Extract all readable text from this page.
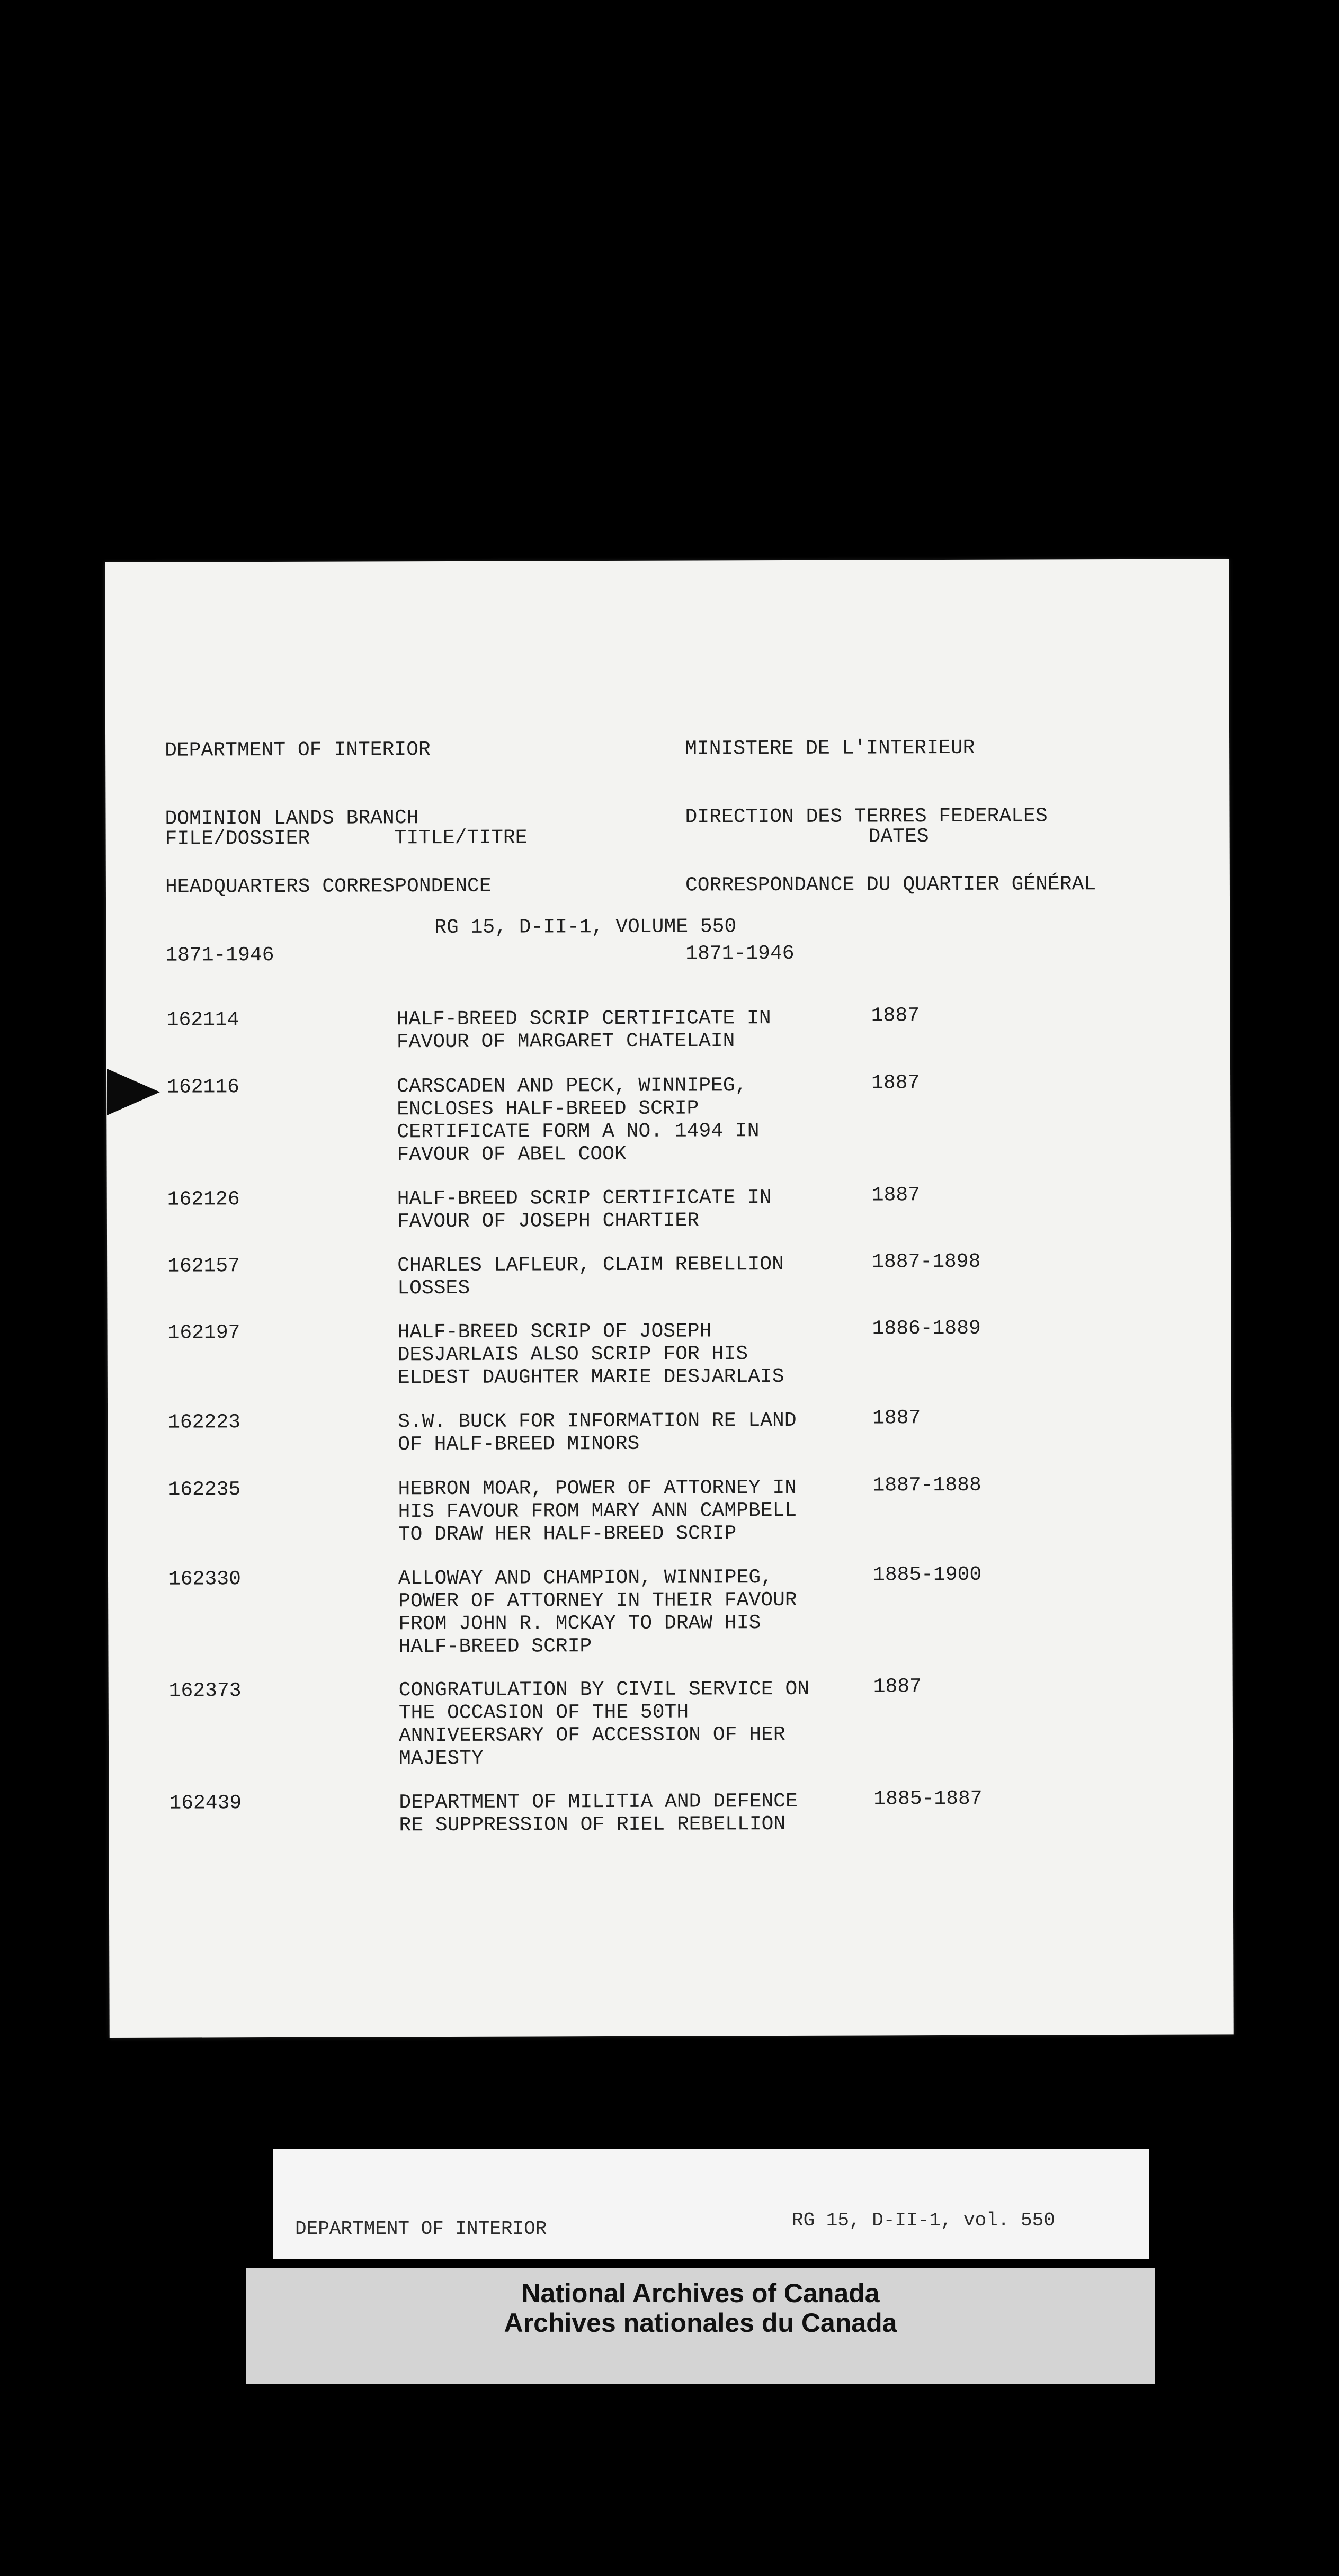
DEPARTMENT OF INTERIOR

DOMINION LANDS BRANCH

HEADQUARTERS CORRESPONDENCE

1871-1946

MINISTERE DE L'INTERIEUR

DIRECTION DES TERRES FEDERALES

CORRESPONDANCE DU QUARTIER GÉNÉRAL

1871-1946

FILE/DOSSIER	TITLE/TITRE	DATES
RG 15, D-II-1, VOLUME 550
162114	HALF-BREED SCRIP CERTIFICATE IN
FAVOUR OF MARGARET CHATELAIN
1887
162116	CARSCADEN AND PECK, WINNIPEG,
ENCLOSES HALF-BREED SCRIP
CERTIFICATE FORM A NO. 1494 IN
FAVOUR OF ABEL COOK
1887
162126	HALF-BREED SCRIP CERTIFICATE IN
FAVOUR OF JOSEPH CHARTIER
1887
162157	CHARLES LAFLEUR, CLAIM REBELLION
LOSSES
1887-1898
162197	HALF-BREED SCRIP OF JOSEPH
DESJARLAIS ALSO SCRIP FOR HIS
ELDEST DAUGHTER MARIE DESJARLAIS
1886-1889
162223	S.W. BUCK FOR INFORMATION RE LAND
OF HALF-BREED MINORS
1887
162235	HEBRON MOAR, POWER OF ATTORNEY IN
HIS FAVOUR FROM MARY ANN CAMPBELL
TO DRAW HER HALF-BREED SCRIP
1887-1888
162330	ALLOWAY AND CHAMPION, WINNIPEG,
POWER OF ATTORNEY IN THEIR FAVOUR
FROM JOHN R. MCKAY TO DRAW HIS
HALF-BREED SCRIP
1885-1900
162373	CONGRATULATION BY CIVIL SERVICE ON
THE OCCASION OF THE 50TH
ANNIVEERSARY OF ACCESSION OF HER
MAJESTY
1887
162439	DEPARTMENT OF MILITIA AND DEFENCE
RE SUPPRESSION OF RIEL REBELLION
1885-1887

DEPARTMENT OF INTERIOR

	RG 15, D-II-1, vol. 550

National Archives of Canada
Archives nationales du Canada
